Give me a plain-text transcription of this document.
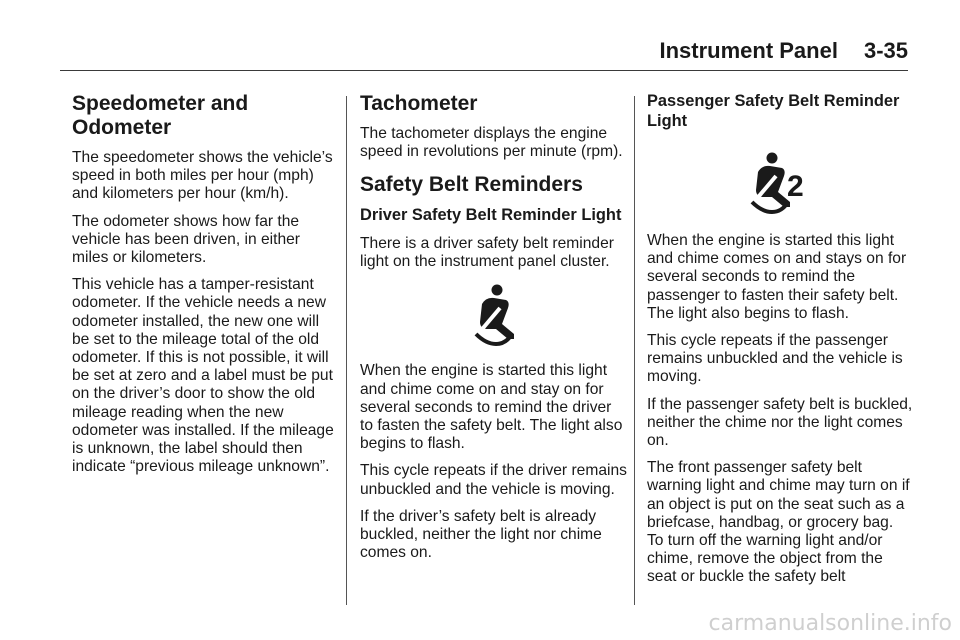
Instrument Panel 3-35
Speedometer and Odometer

The speedometer shows the vehicle’s speed in both miles per hour (mph) and kilometers per hour (km/h).

The odometer shows how far the vehicle has been driven, in either miles or kilometers.

This vehicle has a tamper-resistant odometer. If the vehicle needs a new odometer installed, the new one will be set to the mileage total of the old odometer. If this is not possible, it will be set at zero and a label must be put on the driver’s door to show the old mileage reading when the new odometer was installed. If the mileage is unknown, the label should then indicate “previous mileage unknown”.

Tachometer

The tachometer displays the engine speed in revolutions per minute (rpm).

Safety Belt Reminders
Driver Safety Belt Reminder Light

There is a driver safety belt reminder light on the instrument panel cluster.

When the engine is started this light and chime come on and stay on for several seconds to remind the driver to fasten the safety belt. The light also begins to flash.

This cycle repeats if the driver remains unbuckled and the vehicle is moving.

If the driver’s safety belt is already buckled, neither the light nor chime comes on.

Passenger Safety Belt Reminder Light
2

When the engine is started this light and chime comes on and stays on for several seconds to remind the passenger to fasten their safety belt. The light also begins to flash.

This cycle repeats if the passenger remains unbuckled and the vehicle is moving.

If the passenger safety belt is buckled, neither the chime nor the light comes on.

The front passenger safety belt warning light and chime may turn on if an object is put on the seat such as a briefcase, handbag, or grocery bag. To turn off the warning light and/or chime, remove the object from the seat or buckle the safety belt

carmanualsonline.info
